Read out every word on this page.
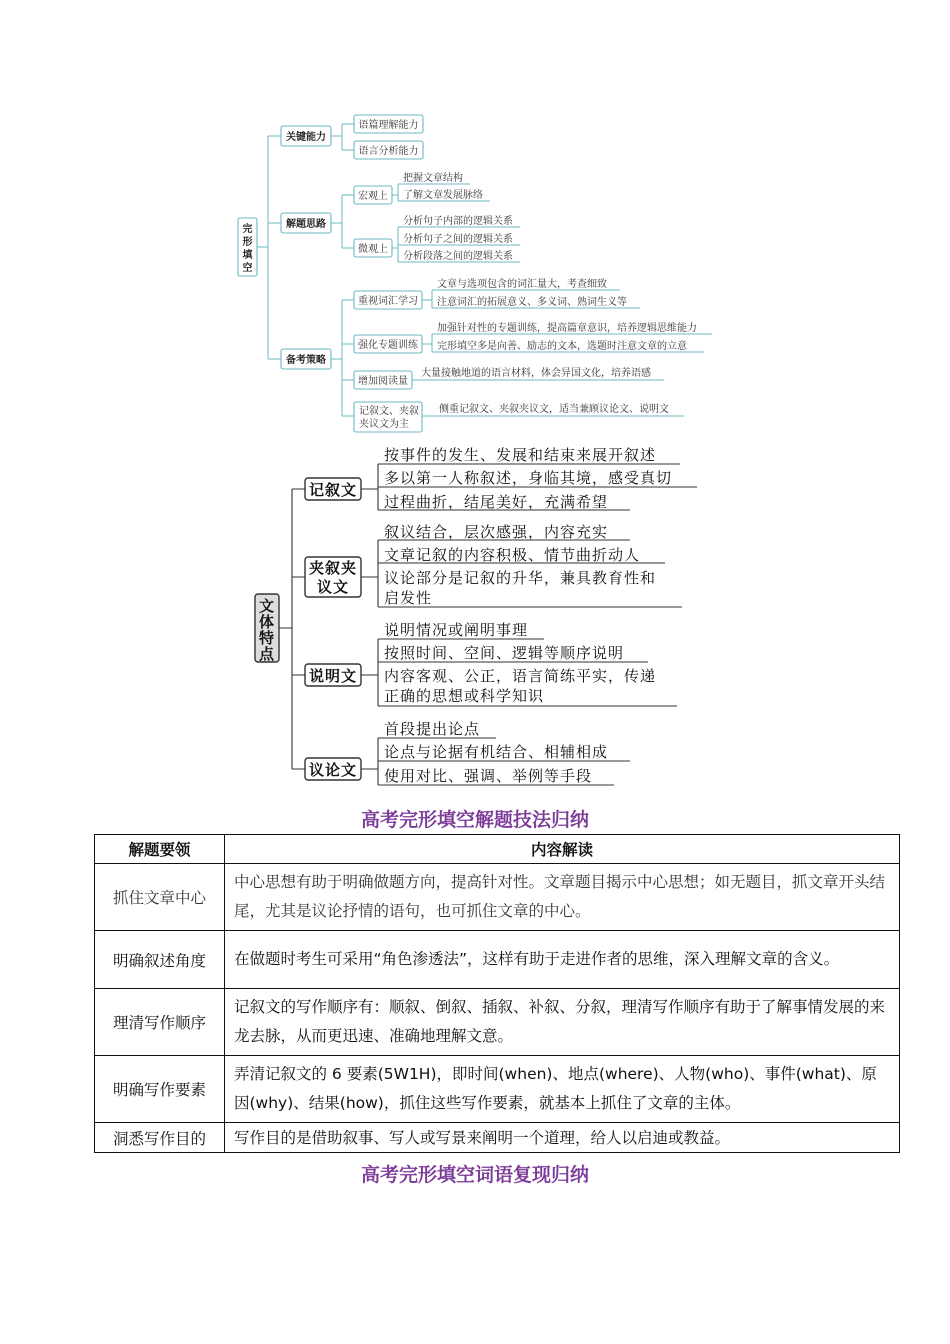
完
形
填
空
关键能力
语篇理解能力
语言分析能力
解题思路
宏观上
把握文章结构
了解文章发展脉络
微观上
分析句子内部的逻辑关系
分析句子之间的逻辑关系
分析段落之间的逻辑关系
备考策略
重视词汇学习
文章与选项包含的词汇量大，考查细致
注意词汇的拓展意义、多义词、熟词生义等
强化专题训练
加强针对性的专题训练，提高篇章意识，培养逻辑思维能力
完形填空多是向善、励志的文本，选题时注意文章的立意
增加阅读量
大量接触地道的语言材料，体会异国文化，培养语感
记叙文、夹叙
夹议文为主
侧重记叙文、夹叙夹议文，适当兼顾议论文、说明文
文
体
特
点
记叙文
按事件的发生、发展和结束来展开叙述
多以第一人称叙述，身临其境，感受真切
过程曲折，结尾美好，充满希望
夹叙夹
议文
叙议结合，层次感强，内容充实
文章记叙的内容积极、情节曲折动人
议论部分是记叙的升华，兼具教育性和
启发性
说明文
说明情况或阐明事理
按照时间、空间、逻辑等顺序说明
内容客观、公正，语言简练平实，传递
正确的思想或科学知识
议论文
首段提出论点
论点与论据有机结合、相辅相成
使用对比、强调、举例等手段
高考完形填空解题技法归纳
解题要领	内容解读
抓住文章中心	中心思想有助于明确做题方向，提高针对性。文章题目揭示中心思想；如无题目，抓文章开头结尾，尤其是议论抒情的语句，也可抓住文章的中心。
明确叙述角度	在做题时考生可采用“角色渗透法”，这样有助于走进作者的思维，深入理解文章的含义。
理清写作顺序	记叙文的写作顺序有：顺叙、倒叙、插叙、补叙、分叙，理清写作顺序有助于了解事情发展的来龙去脉，从而更迅速、准确地理解文意。
明确写作要素	弄清记叙文的 6 要素(5W1H)，即时间(when)、地点(where)、人物(who)、事件(what)、原因(why)、结果(how)，抓住这些写作要素，就基本上抓住了文章的主体。
洞悉写作目的	写作目的是借助叙事、写人或写景来阐明一个道理，给人以启迪或教益。
高考完形填空词语复现归纳
